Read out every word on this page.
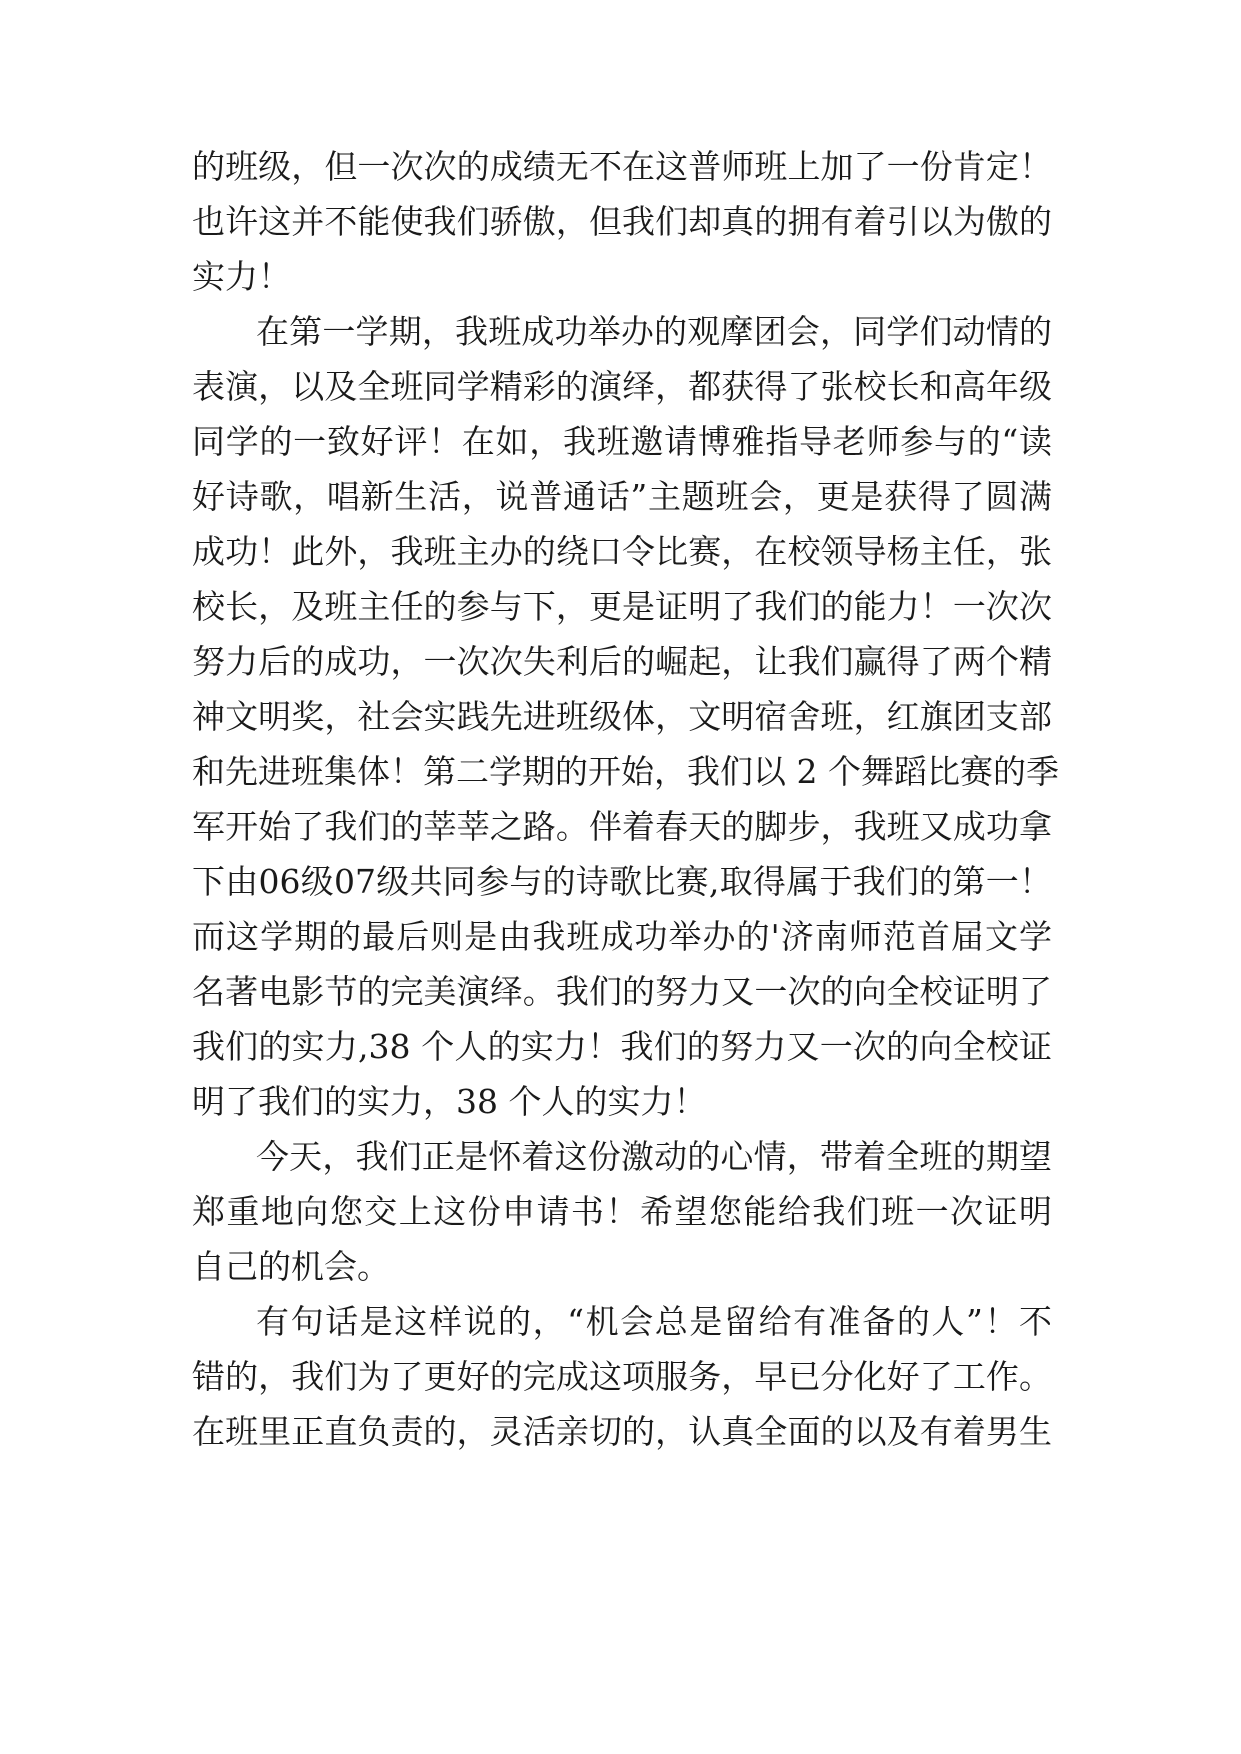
的班级，但一次次的成绩无不在这普师班上加了一份肯定！
也许这并不能使我们骄傲，但我们却真的拥有着引以为傲的
实力！
在第一学期，我班成功举办的观摩团会，同学们动情的
表演，以及全班同学精彩的演绎，都获得了张校长和高年级
同学的一致好评！在如，我班邀请博雅指导老师参与的“读
好诗歌，唱新生活，说普通话”主题班会，更是获得了圆满
成功！此外，我班主办的绕口令比赛，在校领导杨主任，张
校长，及班主任的参与下，更是证明了我们的能力！一次次
努力后的成功，一次次失利后的崛起，让我们赢得了两个精
神文明奖，社会实践先进班级体，文明宿舍班，红旗团支部
和先进班集体！第二学期的开始，我们以 2 个舞蹈比赛的季
军开始了我们的莘莘之路。伴着春天的脚步，我班又成功拿
下由06级07级共同参与的诗歌比赛,取得属于我们的第一！
而这学期的最后则是由我班成功举办的'济南师范首届文学
名著电影节的完美演绎。我们的努力又一次的向全校证明了
我们的实力,38 个人的实力！我们的努力又一次的向全校证
明了我们的实力，38 个人的实力！
今天，我们正是怀着这份激动的心情，带着全班的期望
郑重地向您交上这份申请书！希望您能给我们班一次证明
自己的机会。
有句话是这样说的，“机会总是留给有准备的人”！不
错的，我们为了更好的完成这项服务，早已分化好了工作。
在班里正直负责的，灵活亲切的，认真全面的以及有着男生
